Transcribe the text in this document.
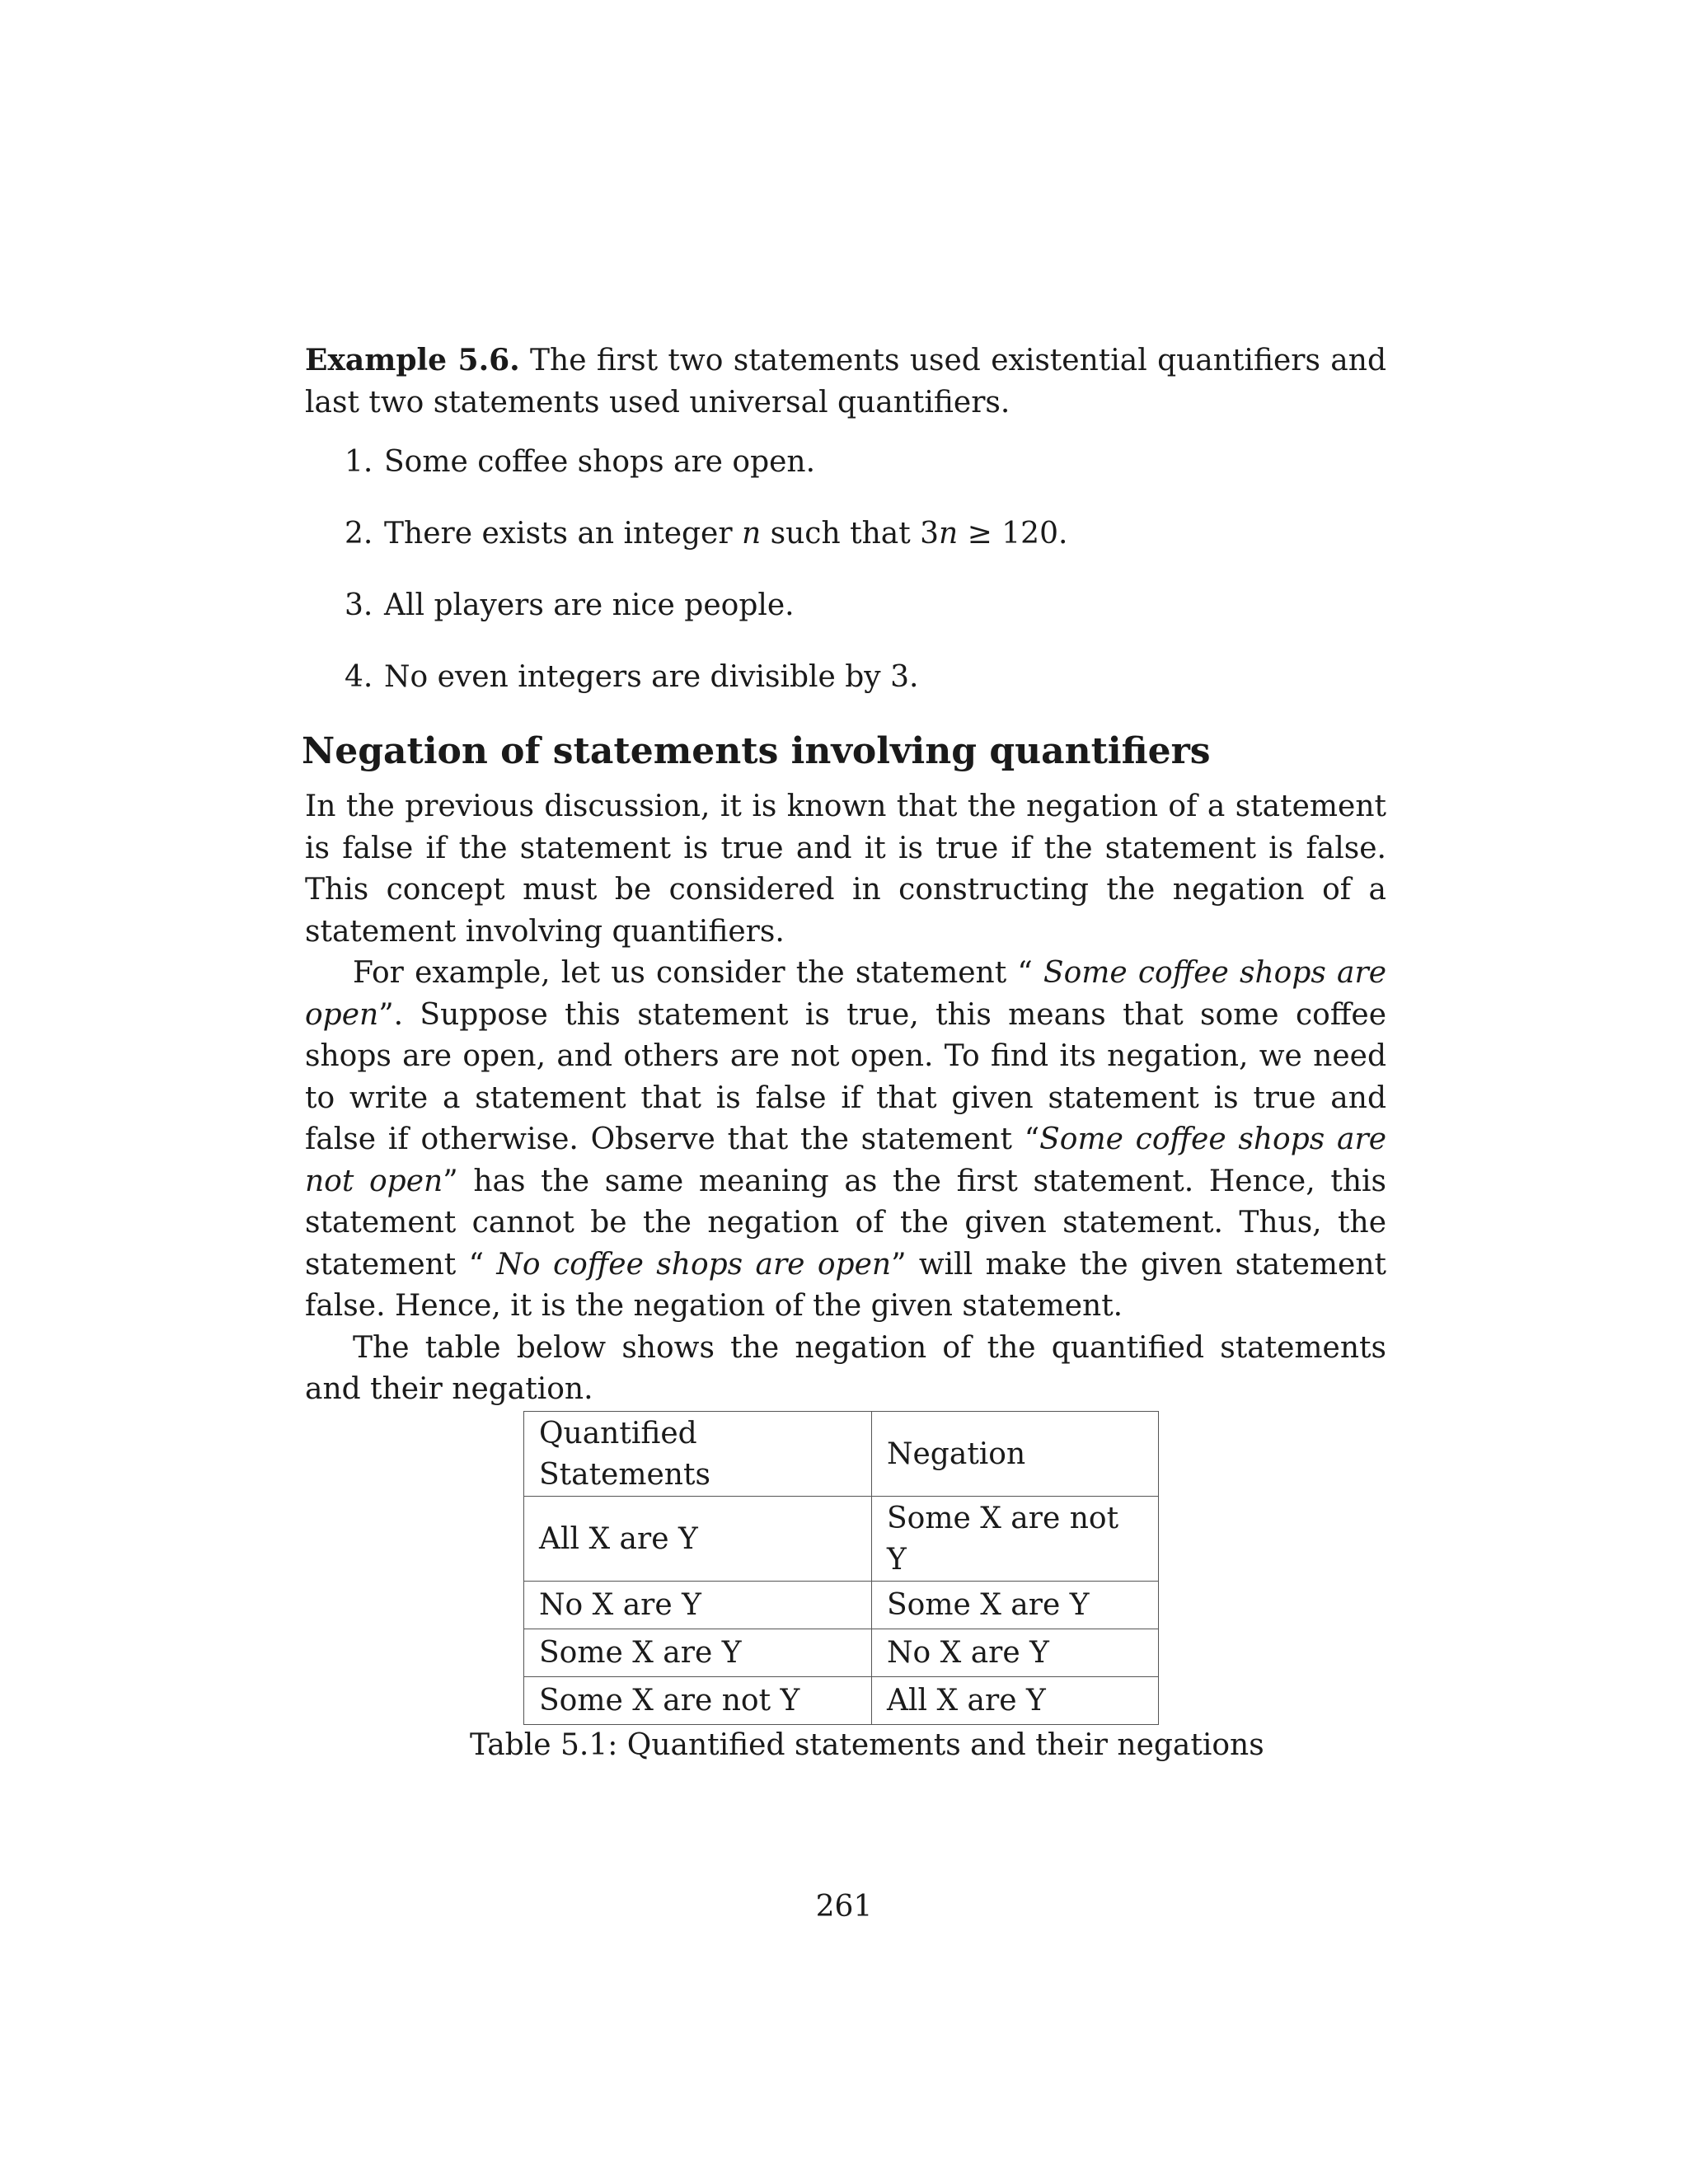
Example 5.6. The first two statements used existential quantifiers and last two statements used universal quantifiers.

1. Some coffee shops are open.
2. There exists an integer n such that 3n ≥ 120.
3. All players are nice people.
4. No even integers are divisible by 3.
Negation of statements involving quantifiers

In the previous discussion, it is known that the negation of a statement is false if the statement is true and it is true if the statement is false. This concept must be considered in constructing the negation of a statement involving quantifiers.

For example, let us consider the statement “ Some coffee shops are open”. Suppose this statement is true, this means that some coffee shops are open, and others are not open. To find its negation, we need to write a statement that is false if that given statement is true and false if otherwise. Observe that the statement “Some coffee shops are not open” has the same meaning as the first statement. Hence, this statement cannot be the negation of the given statement. Thus, the statement “ No coffee shops are open” will make the given statement false. Hence, it is the negation of the given statement.

The table below shows the negation of the quantified statements and their negation.

Quantified Statements	Negation
All X are Y	Some X are not Y
No X are Y	Some X are Y
Some X are Y	No X are Y
Some X are not Y	All X are Y

Table 5.1: Quantified statements and their negations

261
